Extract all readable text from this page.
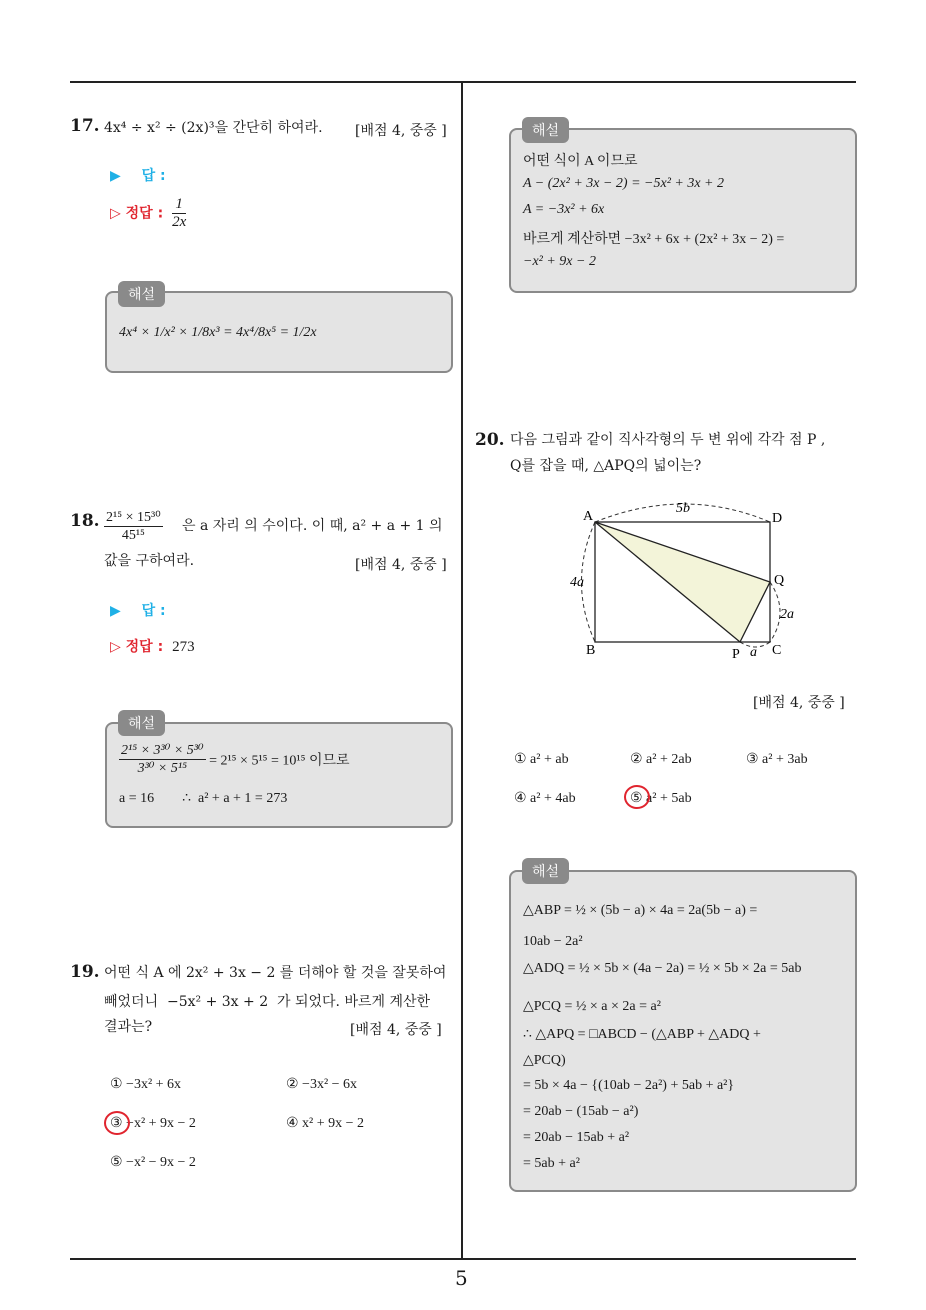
5
17. 4x⁴ ÷ x² ÷ (2x)³을 간단히 하여라. [배점 4, 중중 ]
▶ 답 :
▷ 정답 : $\frac{1}{2x}$
4x⁴ × 1/x² × 1/8x³ = 4x⁴/8x⁵ = 1/2x
해설
18. $\frac{\text{2¹⁵ × 15³⁰}}{\text{45¹⁵}}$ 은 a 자리 의 수이다. 이 때, a² + a + 1 의
값을 구하여라.	[배점 4, 중중 ]
▶ 답 :
▷ 정답 : 273
$\frac{\text{2¹⁵ × 3³⁰ × 5³⁰}}{\text{3³⁰ × 5¹⁵}} = 2^{15} \times 5^{15} = 10^{15}$ 이므로
a = 16        ∴  a² + a + 1 = 273
해설
19. 어떤 식 A 에 2x² + 3x − 2 를 더해야 할 것을 잘못하여
빼었더니  −5x² + 3x + 2  가 되었다. 바르게 계산한
결과는?	[배점 4, 중중 ]
① −3x² + 6x	② −3x² − 6x
③ −x² + 9x − 2	④ x² + 9x − 2
⑤ −x² − 9x − 2
어떤 식이 A 이므로
A − (2x² + 3x − 2) = −5x² + 3x + 2
A = −3x² + 6x
바르게 계산하면 −3x² + 6x + (2x² + 3x − 2) =
−x² + 9x − 2
해설
20. 다음 그림과 같이 직사각형의 두 변 위에 각각 점 P ,
Q를 잡을 때, △APQ의 넓이는?
A
B	C
D
P
Q
5b
4a
2a
a
[배점 4, 중중 ]
① a² + ab	② a² + 2ab	③ a² + 3ab
④ a² + 4ab	⑤ a² + 5ab
△ABP = ½ × (5b − a) × 4a = 2a(5b − a) =
10ab − 2a²
△ADQ = ½ × 5b × (4a − 2a) = ½ × 5b × 2a = 5ab
△PCQ = ½ × a × 2a = a²
∴ △APQ = □ABCD − (△ABP + △ADQ +
△PCQ)
= 5b × 4a − {(10ab − 2a²) + 5ab + a²}
= 20ab − (15ab − a²)
= 20ab − 15ab + a²
= 5ab + a²
해설
